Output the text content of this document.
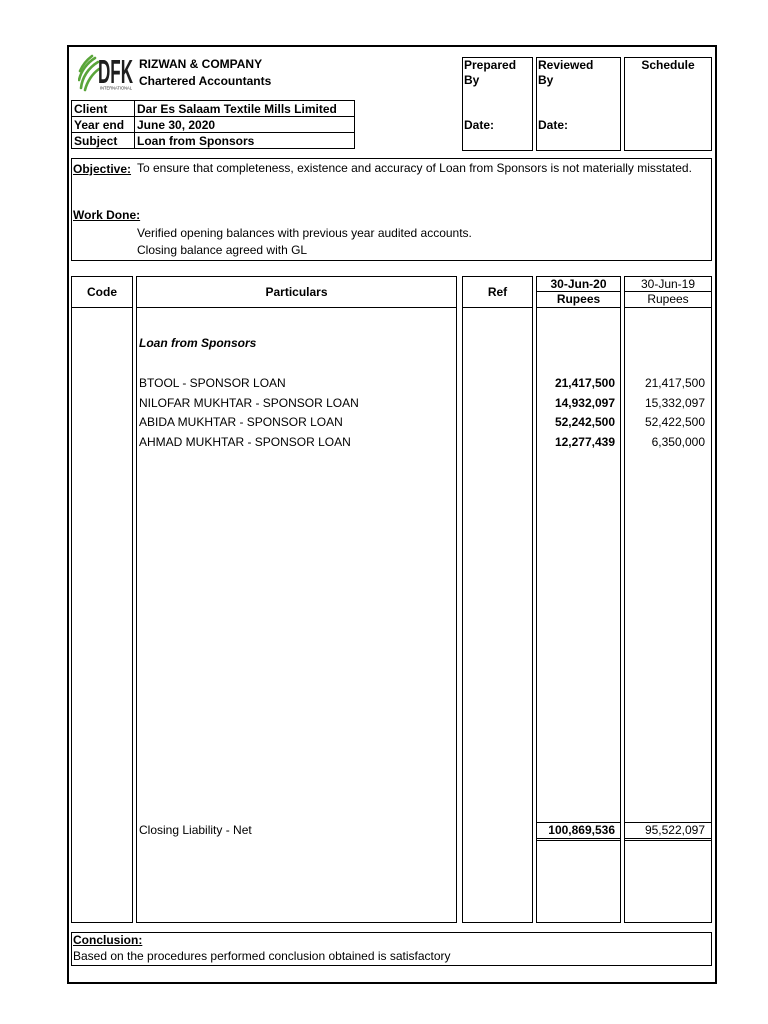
DFK
INTERNATIONAL
RIZWAN & COMPANY
Chartered Accountants
Prepared
By
Date:
Reviewed
By
Date:
Schedule
Client	Dar Es Salaam Textile Mills Limited
Year end	June 30, 2020
Subject	Loan from Sponsors
Objective: To ensure that completeness, existence and accuracy of Loan from Sponsors is not materially misstated.
Work Done:
Verified opening balances with previous year audited accounts.
Closing balance agreed with GL
Code	Particulars	Ref
30-Jun-20
Rupees
30-Jun-19
Rupees
Loan from Sponsors
BTOOL - SPONSOR LOAN	21,417,500	21,417,500
NILOFAR MUKHTAR - SPONSOR LOAN	14,932,097	15,332,097
ABIDA MUKHTAR - SPONSOR LOAN	52,242,500	52,422,500
AHMAD MUKHTAR - SPONSOR LOAN	12,277,439	6,350,000
Closing Liability - Net	100,869,536	95,522,097
Conclusion:
Based on the procedures performed conclusion obtained is satisfactory
